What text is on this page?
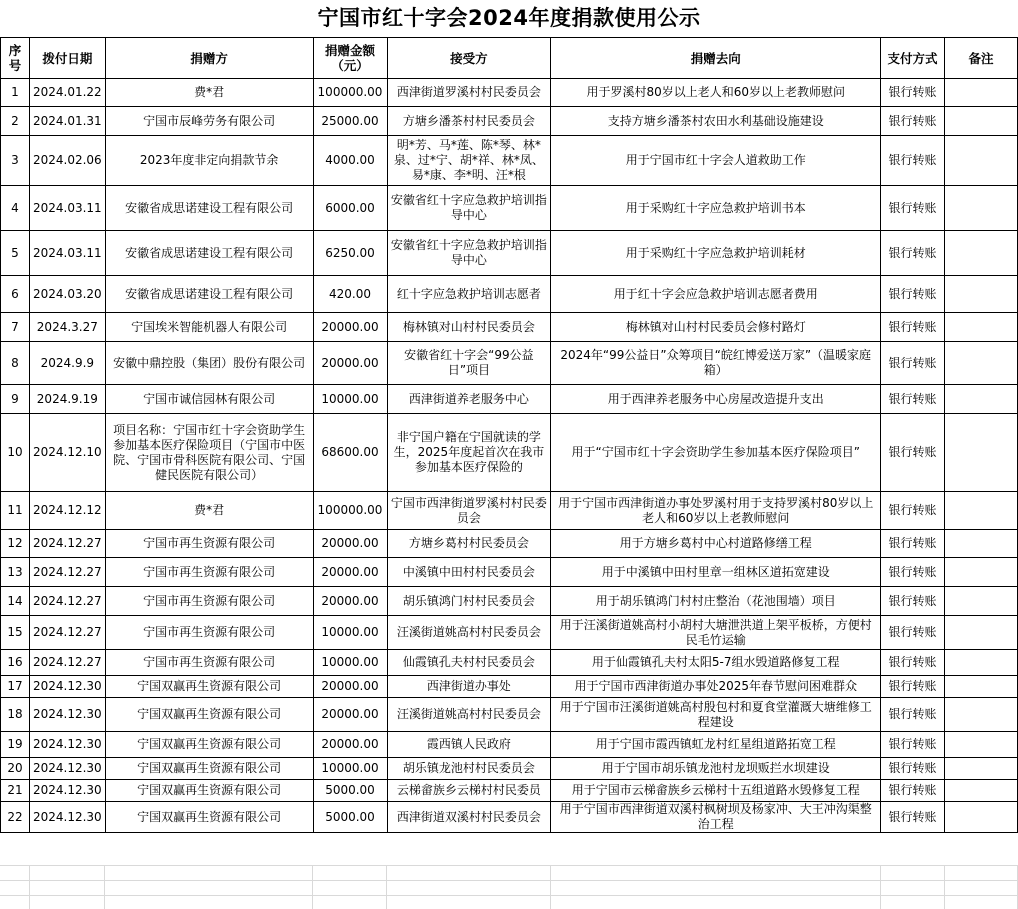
宁国市红十字会2024年度捐款使用公示
序号	拨付日期	捐赠方	捐赠金额（元）	接受方	捐赠去向	支付方式	备注
1	2024.01.22	费*君	100000.00	西津街道罗溪村村民委员会	用于罗溪村80岁以上老人和60岁以上老教师慰问	银行转账	
2	2024.01.31	宁国市辰峰劳务有限公司	25000.00	方塘乡潘茶村村民委员会	支持方塘乡潘茶村农田水利基础设施建设	银行转账	
3	2024.02.06	2023年度非定向捐款节余	4000.00	明*芳、马*莲、陈*琴、林*泉、过*宁、胡*祥、林*凤、易*康、李*明、汪*根	用于宁国市红十字会人道救助工作	银行转账	
4	2024.03.11	安徽省成思诺建设工程有限公司	6000.00	安徽省红十字应急救护培训指导中心	用于采购红十字应急救护培训书本	银行转账	
5	2024.03.11	安徽省成思诺建设工程有限公司	6250.00	安徽省红十字应急救护培训指导中心	用于采购红十字应急救护培训耗材	银行转账	
6	2024.03.20	安徽省成思诺建设工程有限公司	420.00	红十字应急救护培训志愿者	用于红十字会应急救护培训志愿者费用	银行转账	
7	2024.3.27	宁国埃米智能机器人有限公司	20000.00	梅林镇对山村村民委员会	梅林镇对山村村民委员会修村路灯	银行转账	
8	2024.9.9	安徽中鼎控股（集团）股份有限公司	20000.00	安徽省红十字会“99公益日”项目	2024年“99公益日”众筹项目“皖红博爱送万家”（温暖家庭箱）	银行转账	
9	2024.9.19	宁国市诚信园林有限公司	10000.00	西津街道养老服务中心	用于西津养老服务中心房屋改造提升支出	银行转账	
10	2024.12.10	项目名称：宁国市红十字会资助学生参加基本医疗保险项目（宁国市中医院、宁国市骨科医院有限公司、宁国健民医院有限公司）	68600.00	非宁国户籍在宁国就读的学生，2025年度起首次在我市参加基本医疗保险的	用于“宁国市红十字会资助学生参加基本医疗保险项目”	银行转账	
11	2024.12.12	费*君	100000.00	宁国市西津街道罗溪村村民委员会	用于宁国市西津街道办事处罗溪村用于支持罗溪村80岁以上老人和60岁以上老教师慰问	银行转账	
12	2024.12.27	宁国市再生资源有限公司	20000.00	方塘乡葛村村民委员会	用于方塘乡葛村中心村道路修缮工程	银行转账	
13	2024.12.27	宁国市再生资源有限公司	20000.00	中溪镇中田村村民委员会	用于中溪镇中田村里章一组林区道拓宽建设	银行转账	
14	2024.12.27	宁国市再生资源有限公司	20000.00	胡乐镇鸿门村村民委员会	用于胡乐镇鸿门村村庄整治（花池围墙）项目	银行转账	
15	2024.12.27	宁国市再生资源有限公司	10000.00	汪溪街道姚高村村民委员会	用于汪溪街道姚高村小胡村大塘泄洪道上架平板桥，方便村民毛竹运输	银行转账	
16	2024.12.27	宁国市再生资源有限公司	10000.00	仙霞镇孔夫村村民委员会	用于仙霞镇孔夫村太阳5-7组水毁道路修复工程	银行转账	
17	2024.12.30	宁国双赢再生资源有限公司	20000.00	西津街道办事处	用于宁国市西津街道办事处2025年春节慰问困难群众	银行转账	
18	2024.12.30	宁国双赢再生资源有限公司	20000.00	汪溪街道姚高村村民委员会	用于宁国市汪溪街道姚高村殷包村和夏食堂灌溉大塘维修工程建设	银行转账	
19	2024.12.30	宁国双赢再生资源有限公司	20000.00	霞西镇人民政府	用于宁国市霞西镇虹龙村红星组道路拓宽工程	银行转账	
20	2024.12.30	宁国双赢再生资源有限公司	10000.00	胡乐镇龙池村村民委员会	用于宁国市胡乐镇龙池村龙坝贩拦水坝建设	银行转账	
21	2024.12.30	宁国双赢再生资源有限公司	5000.00	云梯畲族乡云梯村村民委员	用于宁国市云梯畲族乡云梯村十五组道路水毁修复工程	银行转账	
22	2024.12.30	宁国双赢再生资源有限公司	5000.00	西津街道双溪村村民委员会	用于宁国市西津街道双溪村枫树坝及杨家冲、大王冲沟渠整治工程	银行转账	
